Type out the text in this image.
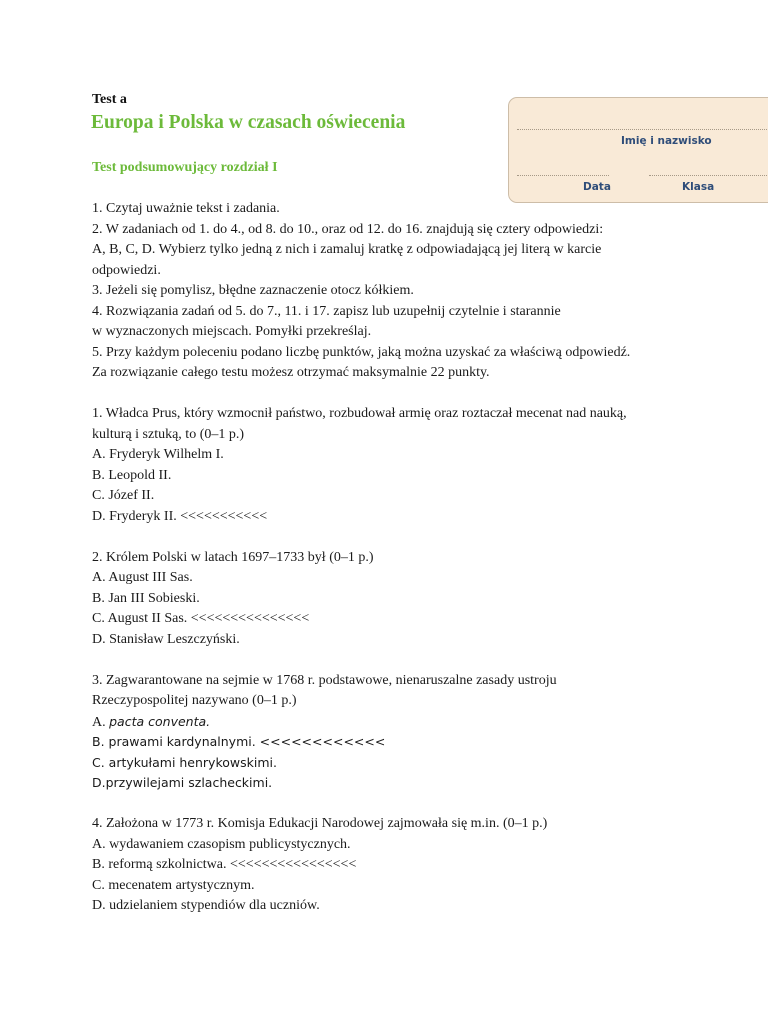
Test a
Europa i Polska w czasach oświecenia
Test podsumowujący rozdział I
Imię i nazwisko
Data	Klasa
1. Czytaj uważnie tekst i zadania.
2. W zadaniach od 1. do 4., od 8. do 10., oraz od 12. do 16. znajdują się cztery odpowiedzi:
A, B, C, D. Wybierz tylko jedną z nich i zamaluj kratkę z odpowiadającą jej literą w karcie
odpowiedzi.
3. Jeżeli się pomylisz, błędne zaznaczenie otocz kółkiem.
4. Rozwiązania zadań od 5. do 7., 11. i 17. zapisz lub uzupełnij czytelnie i starannie
w wyznaczonych miejscach. Pomyłki przekreślaj.
5. Przy każdym poleceniu podano liczbę punktów, jaką można uzyskać za właściwą odpowiedź.
Za rozwiązanie całego testu możesz otrzymać maksymalnie 22 punkty.
1. Władca Prus, który wzmocnił państwo, rozbudował armię oraz roztaczał mecenat nad nauką,
kulturą i sztuką, to (0–1 p.)
A. Fryderyk Wilhelm I.
B. Leopold II.
C. Józef II.
D. Fryderyk II. <<<<<<<<<<<
2. Królem Polski w latach 1697–1733 był (0–1 p.)
A. August III Sas.
B. Jan III Sobieski.
C. August II Sas. <<<<<<<<<<<<<<<
D. Stanisław Leszczyński.
3. Zagwarantowane na sejmie w 1768 r. podstawowe, nienaruszalne zasady ustroju
Rzeczypospolitej nazywano (0–1 p.)
A. pacta conventa.
B. prawami kardynalnymi. <<<<<<<<<<<<
C. artykułami henrykowskimi.
D.przywilejami szlacheckimi.
4. Założona w 1773 r. Komisja Edukacji Narodowej zajmowała się m.in. (0–1 p.)
A. wydawaniem czasopism publicystycznych.
B. reformą szkolnictwa. <<<<<<<<<<<<<<<<
C. mecenatem artystycznym.
D. udzielaniem stypendiów dla uczniów.
